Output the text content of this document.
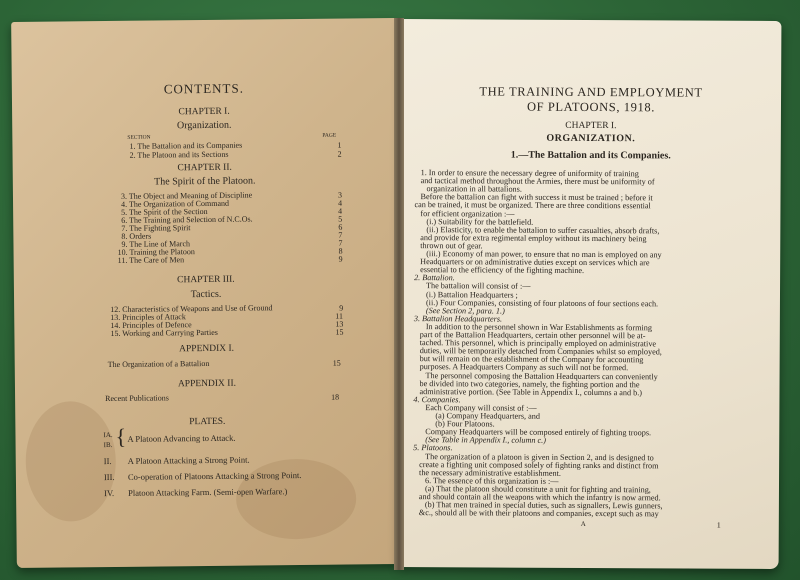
CONTENTS.
CHAPTER I.
Organization.
SECTION	PAGE
1. The Battalion and its Companies	1
2. The Platoon and its Sections	2
CHAPTER II.
The Spirit of the Platoon.
3. The Object and Meaning of Discipline	3
4. The Organization of Command	4
5. The Spirit of the Section	4
6. The Training and Selection of N.C.Os.	5
7. The Fighting Spirit	6
8. Orders	7
9. The Line of March	7
10. Training the Platoon	8
11. The Care of Men	9
CHAPTER III.
Tactics.
12. Characteristics of Weapons and Use of Ground	9
13. Principles of Attack	11
14. Principles of Defence	13
15. Working and Carrying Parties	15
APPENDIX I.
The Organization of a Battalion	15
APPENDIX II.
Recent Publications	18
PLATES.
IA.
IB. { A Platoon Advancing to Attack.
II. A Platoon Attacking a Strong Point.
III. Co-operation of Platoons Attacking a Strong Point.
IV. Platoon Attacking Farm. (Semi-open Warfare.)
THE TRAINING AND EMPLOYMENT
OF PLATOONS, 1918.
CHAPTER I.
ORGANIZATION.
1.—The Battalion and its Companies.
1. In order to ensure the necessary degree of uniformity of training
and tactical method throughout the Armies, there must be uniformity of
organization in all battalions.
Before the battalion can fight with success it must be trained ; before it
can be trained, it must be organized. There are three conditions essential
for efficient organization :—
(i.) Suitability for the battlefield.
(ii.) Elasticity, to enable the battalion to suffer casualties, absorb drafts,
and provide for extra regimental employ without its machinery being
thrown out of gear.
(iii.) Economy of man power, to ensure that no man is employed on any
Headquarters or on administrative duties except on services which are
essential to the efficiency of the fighting machine.
2. Battalion.
The battalion will consist of :—
(i.) Battalion Headquarters ;
(ii.) Four Companies, consisting of four platoons of four sections each.
(See Section 2, para. 1.)
3. Battalion Headquarters.
In addition to the personnel shown in War Establishments as forming
part of the Battalion Headquarters, certain other personnel will be at-
tached. This personnel, which is principally employed on administrative
duties, will be temporarily detached from Companies whilst so employed,
but will remain on the establishment of the Company for accounting
purposes. A Headquarters Company as such will not be formed.
The personnel composing the Battalion Headquarters can conveniently
be divided into two categories, namely, the fighting portion and the
administrative portion. (See Table in Appendix I., columns a and b.)
4. Companies.
Each Company will consist of :—
(a) Company Headquarters, and
(b) Four Platoons.
Company Headquarters will be composed entirely of fighting troops.
(See Table in Appendix I., column c.)
5. Platoons.
The organization of a platoon is given in Section 2, and is designed to
create a fighting unit composed solely of fighting ranks and distinct from
the necessary administrative establishment.
6. The essence of this organization is :—
(a) That the platoon should constitute a unit for fighting and training,
and should contain all the weapons with which the infantry is now armed.
(b) That men trained in special duties, such as signallers, Lewis gunners,
&c., should all be with their platoons and companies, except such as may
A	1
